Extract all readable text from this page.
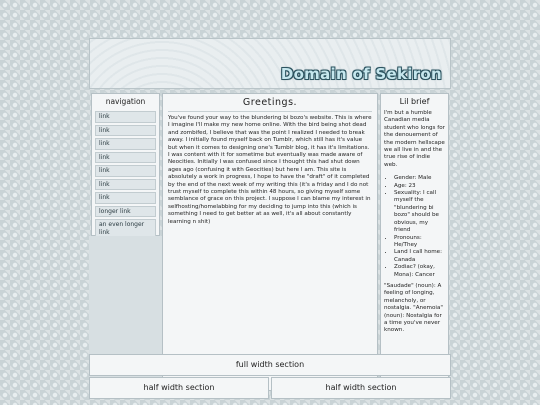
Domain of Sekiron
navigation
link
link
link
link
link
link
link
longer link
an even longer link
Greetings.
You've found your way to the blundering bi bozo's website. This is where I imagine I'll make my new home online. With the bird being shot dead and zombifed, I believe that was the point I realized I needed to break away. I initially found myself back on Tumblr, which still has it's value but when it comes to designing one's Tumblr blog, it has it's limitations. I was content with it for sometime but eventually was made aware of Neocities. Initially I was confused since I thought this had shut down ages ago (confusing it with Geocities) but here I am. This site is absolutely a work in progress, I hope to have the "draft" of it completed by the end of the next week of my writing this (it's a friday and I do not trust myself to complete this within 48 hours, so giving myself some semblance of grace on this project. I suppose I can blame my interest in selfhosting/homelabbing for my deciding to jump into this (which is something I need to get better at as well, it's all about constantly learning n shit)
Lil brief
I'm but a humble Canadian media student who longs for the denouement of the modern hellscape we all live in and the true rise of indie web.
• Gender: Male
• Age: 23
• Sexuality: I call myself the "blundering bi bozo" should be obvious, my friend
• Pronouns: He/They
• Land I call home: Canada
• Zodiac? (okay, Mona): Cancer
"Saudade" (noun): A feeling of longing, melancholy, or nostalgia. "Anemoia" (noun): Nostalgia for a time you've never known.
full width section
half width section	half width section
